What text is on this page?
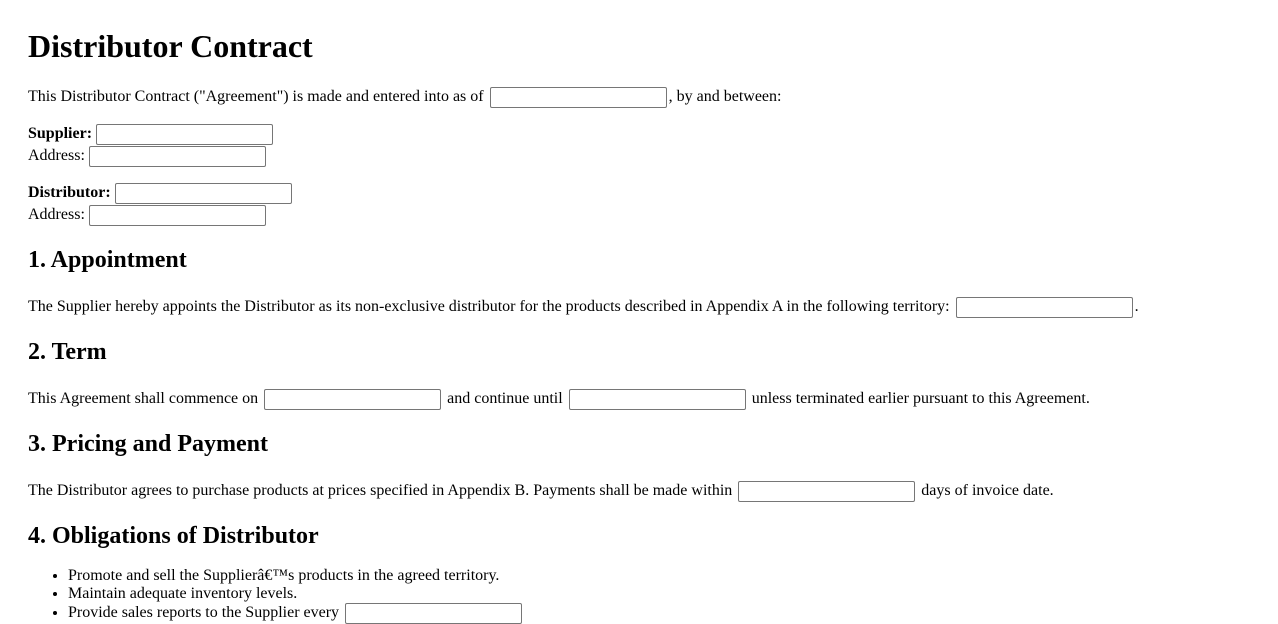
Distributor Contract

This Distributor Contract ("Agreement") is made and entered into as of	, by and between:

Supplier:
Address:
Distributor:
Address:
1. Appointment

The Supplier hereby appoints the Distributor as its non-exclusive distributor for the products described in Appendix A in the following territory:	.

2. Term

This Agreement shall commence on	and continue until	unless terminated earlier pursuant to this Agreement.

3. Pricing and Payment

The Distributor agrees to purchase products at prices specified in Appendix B. Payments shall be made within	days of invoice date.

4. Obligations of Distributor
• Promote and sell the Supplierâ€™s products in the agreed territory.
• Maintain adequate inventory levels.
• Provide sales reports to the Supplier every
